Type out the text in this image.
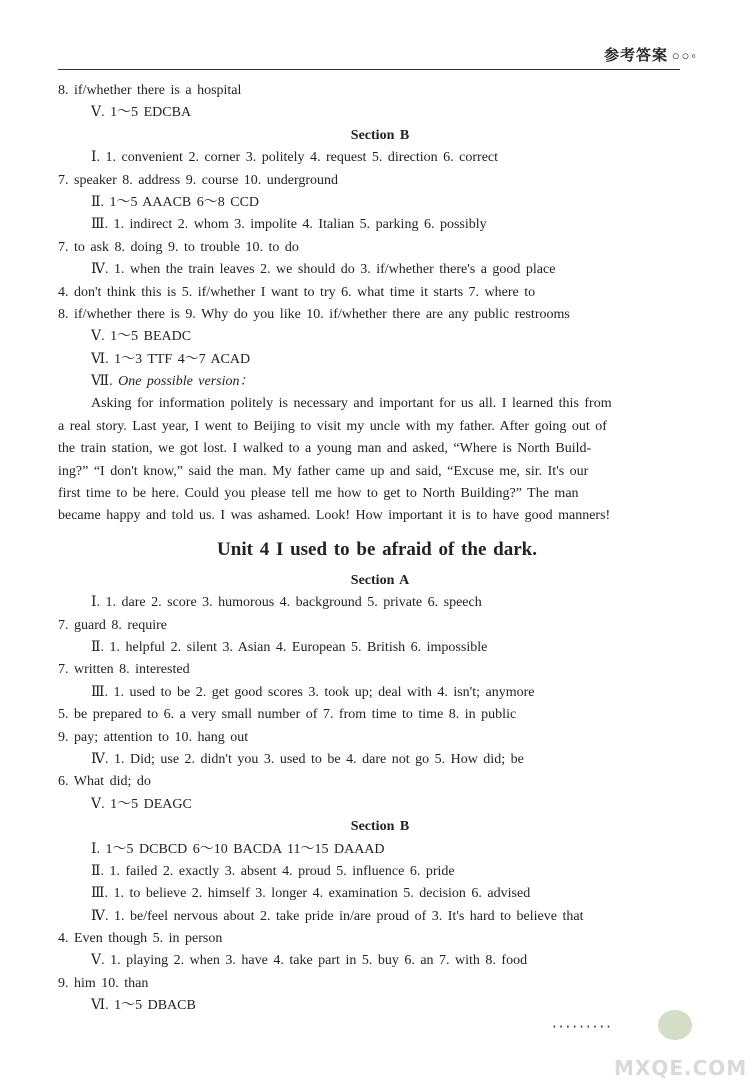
参考答案 ○○◦
8. if/whether there is a hospital
Ⅴ. 1～5 EDCBA
Section B
Ⅰ. 1. convenient 2. corner 3. politely 4. request 5. direction 6. correct
7. speaker 8. address 9. course 10. underground
Ⅱ. 1～5 AAACB 6～8 CCD
Ⅲ. 1. indirect 2. whom 3. impolite 4. Italian 5. parking 6. possibly
7. to ask 8. doing 9. to trouble 10. to do
Ⅳ. 1. when the train leaves 2. we should do 3. if/whether there's a good place
4. don't think this is 5. if/whether I want to try 6. what time it starts 7. where to
8. if/whether there is 9. Why do you like 10. if/whether there are any public restrooms
Ⅴ. 1～5 BEADC
Ⅵ. 1～3 TTF 4～7 ACAD
Ⅶ. One possible version：
Asking for information politely is necessary and important for us all. I learned this from
a real story. Last year, I went to Beijing to visit my uncle with my father. After going out of
the train station, we got lost. I walked to a young man and asked, “Where is North Build-
ing?” “I don't know,” said the man. My father came up and said, “Excuse me, sir. It's our
first time to be here. Could you please tell me how to get to North Building?” The man
became happy and told us. I was ashamed. Look! How important it is to have good manners!
Unit 4 I used to be afraid of the dark.
Section A
Ⅰ. 1. dare 2. score 3. humorous 4. background 5. private 6. speech
7. guard 8. require
Ⅱ. 1. helpful 2. silent 3. Asian 4. European 5. British 6. impossible
7. written 8. interested
Ⅲ. 1. used to be 2. get good scores 3. took up; deal with 4. isn't; anymore
5. be prepared to 6. a very small number of 7. from time to time 8. in public
9. pay; attention to 10. hang out
Ⅳ. 1. Did; use 2. didn't you 3. used to be 4. dare not go 5. How did; be
6. What did; do
Ⅴ. 1～5 DEAGC
Section B
Ⅰ. 1～5 DCBCD 6～10 BACDA 11～15 DAAAD
Ⅱ. 1. failed 2. exactly 3. absent 4. proud 5. influence 6. pride
Ⅲ. 1. to believe 2. himself 3. longer 4. examination 5. decision 6. advised
Ⅳ. 1. be/feel nervous about 2. take pride in/are proud of 3. It's hard to believe that
4. Even though 5. in person
Ⅴ. 1. playing 2. when 3. have 4. take part in 5. buy 6. an 7. with 8. food
9. him 10. than
Ⅵ. 1～5 DBACB
·········
MXQE.COM
